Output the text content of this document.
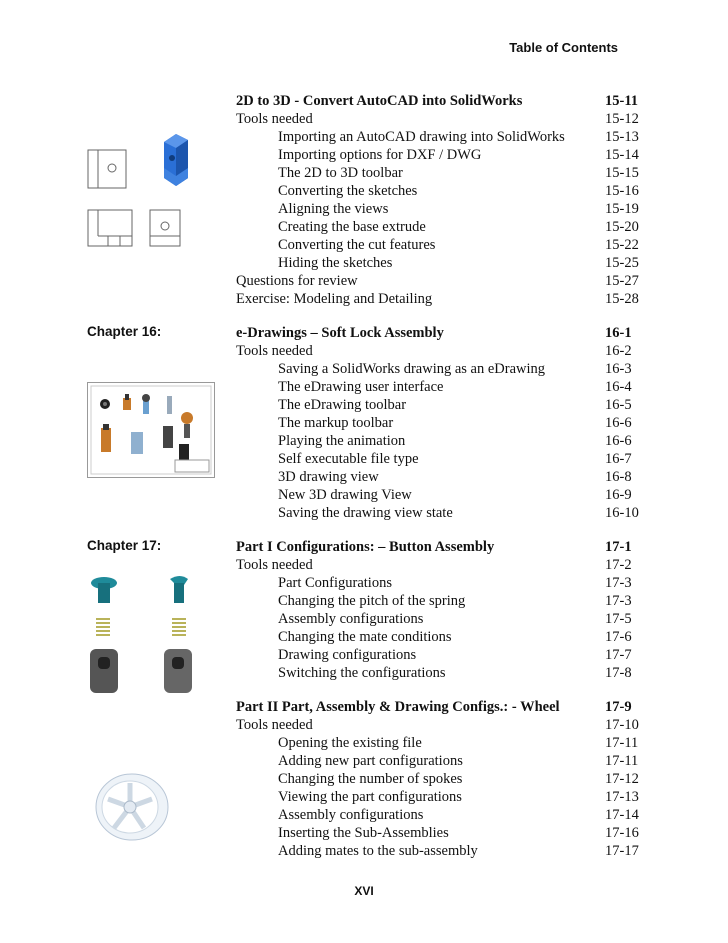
Table of Contents
Chapter 16:
Chapter 17:
2D to 3D - Convert AutoCAD into SolidWorks	15-11
Tools needed	15-12
Importing an AutoCAD drawing into SolidWorks	15-13
Importing options for DXF / DWG	15-14
The 2D to 3D toolbar	15-15
Converting the sketches	15-16
Aligning the views	15-19
Creating the base extrude	15-20
Converting the cut features	15-22
Hiding the sketches	15-25
Questions for review	15-27
Exercise: Modeling and Detailing	15-28
e-Drawings – Soft Lock Assembly	16-1
Tools needed	16-2
Saving a SolidWorks drawing as an eDrawing	16-3
The eDrawing user interface	16-4
The eDrawing toolbar	16-5
The markup toolbar	16-6
Playing the animation	16-6
Self executable file type	16-7
3D drawing view	16-8
New 3D drawing View	16-9
Saving the drawing view state	16-10
Part I Configurations: – Button Assembly	17-1
Tools needed	17-2
Part Configurations	17-3
Changing the pitch of the spring	17-3
Assembly configurations	17-5
Changing the mate conditions	17-6
Drawing configurations	17-7
Switching the configurations	17-8
Part II Part, Assembly & Drawing Configs.: - Wheel	17-9
Tools needed	17-10
Opening the existing file	17-11
Adding new part configurations	17-11
Changing the number of spokes	17-12
Viewing the part configurations	17-13
Assembly configurations	17-14
Inserting the Sub-Assemblies	17-16
Adding mates to the sub-assembly	17-17
XVI
